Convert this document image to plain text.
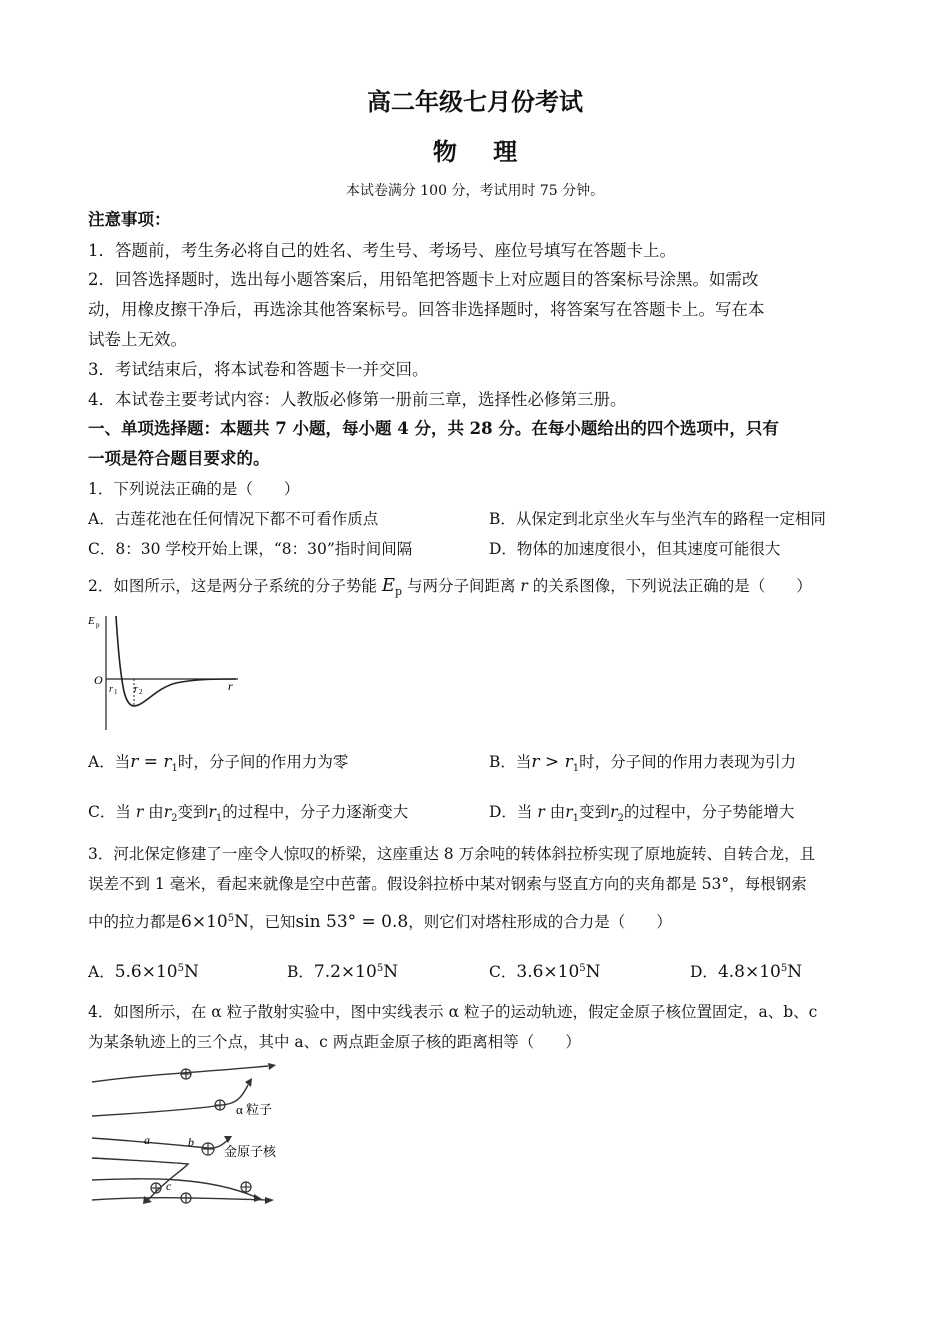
高二年级七月份考试
物 理
本试卷满分 100 分，考试用时 75 分钟。
注意事项：
1．答题前，考生务必将自己的姓名、考生号、考场号、座位号填写在答题卡上。
2．回答选择题时，选出每小题答案后，用铅笔把答题卡上对应题目的答案标号涂黑。如需改
动，用橡皮擦干净后，再选涂其他答案标号。回答非选择题时，将答案写在答题卡上。写在本
试卷上无效。
3．考试结束后，将本试卷和答题卡一并交回。
4．本试卷主要考试内容：人教版必修第一册前三章，选择性必修第三册。
一、单项选择题：本题共 7 小题，每小题 4 分，共 28 分。在每小题给出的四个选项中，只有
一项是符合题目要求的。
1．下列说法正确的是（　　）
A．古莲花池在任何情况下都不可看作质点	B．从保定到北京坐火车与坐汽车的路程一定相同
C．8：30 学校开始上课，“8：30”指时间间隔	D．物体的加速度很小，但其速度可能很大
2．如图所示，这是两分子系统的分子势能 $E_p$ 与两分子间距离 r 的关系图像，下列说法正确的是（　　）
E p
O
r 1 r 2	r
A．当$r = r_1$时，分子间的作用力为零	B．当$r > r_1$时，分子间的作用力表现为引力
C．当 r 由$r_2$变到$r_1$的过程中，分子力逐渐变大	D．当 r 由$r_1$变到$r_2$的过程中，分子势能增大
3．河北保定修建了一座令人惊叹的桥梁，这座重达 8 万余吨的转体斜拉桥实现了原地旋转、自转合龙，且
误差不到 1 毫米，看起来就像是空中芭蕾。假设斜拉桥中某对钢索与竖直方向的夹角都是 53°，每根钢索
中的拉力都是$6\times 10^5N$，已知sin 53° = 0.8，则它们对塔柱形成的合力是（　　）
A．$5.6\times 10^5N$	B．$7.2\times 10^5N$	C．$3.6\times 10^5N$	D．$4.8\times 10^5N$
4．如图所示，在 α 粒子散射实验中，图中实线表示 α 粒子的运动轨迹，假定金原子核位置固定，a、b、c
为某条轨迹上的三个点，其中 a、c 两点距金原子核的距离相等（　　）
α 粒子
金原子核
a	b
c
